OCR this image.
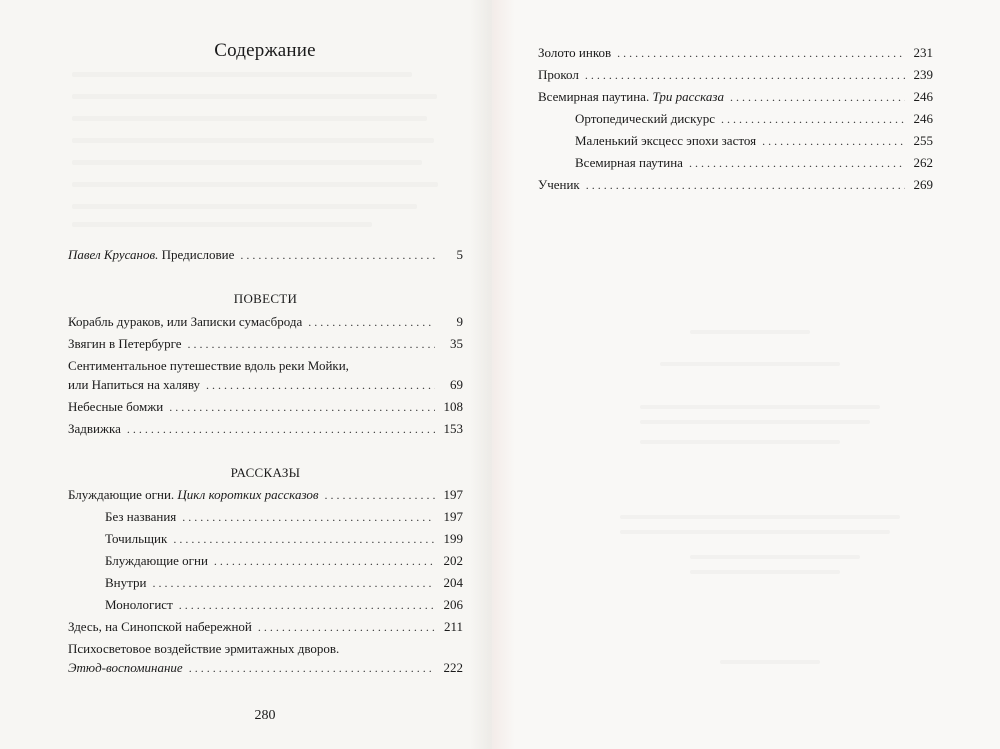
Содержание
Павел Крусанов. Предисловие . . .	5
ПОВЕСТИ
Корабль дураков, или Записки сумасброда . . .	9
Звягин в Петербурге . . .	35
Сентиментальное путешествие вдоль реки Мойки,
или Напиться на халяву . . .	69
Небесные бомжи . . .	108
Задвижка . . .	153
РАССКАЗЫ
Блуждающие огни. Цикл коротких рассказов . . .	197
Без названия . . .	197
Точильщик . . .	199
Блуждающие огни . . .	202
Внутри . . .	204
Монологист . . .	206
Здесь, на Синопской набережной . . .	211
Психосветовое воздействие эрмитажных дворов.
Этюд-воспоминание . . .	222
280
Золото инков . . .	231
Прокол . . .	239
Всемирная паутина. Три рассказа . . .	246
Ортопедический дискурс . . .	246
Маленький эксцесс эпохи застоя . . .	255
Всемирная паутина . . .	262
Ученик . . .	269
